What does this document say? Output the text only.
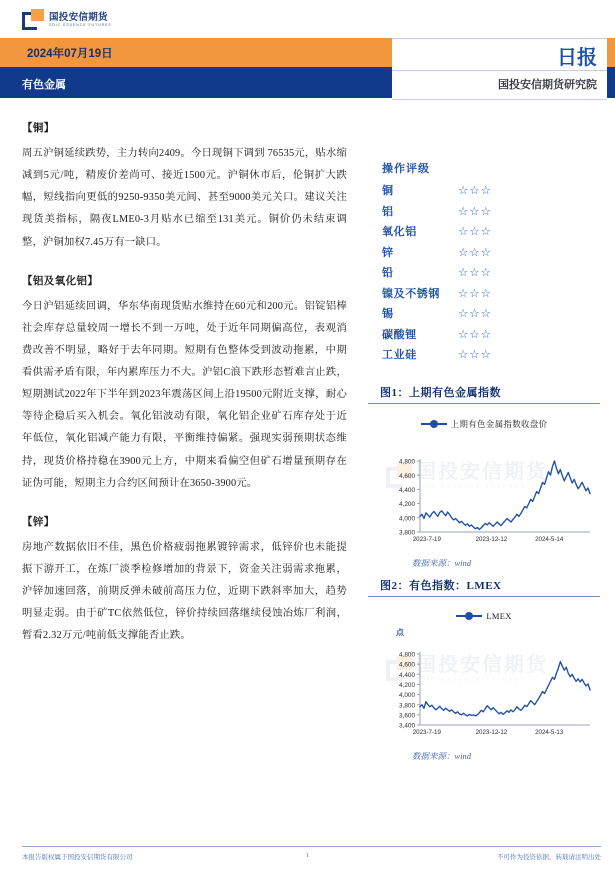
国投安信期货
SDIC ESSENCE FUTURES
2024年07月19日
有色金属
日报
国投安信期货研究院
【铜】
周五沪铜延续跌势，主力转向2409。今日现铜下调到 76535元，贴水缩减到5元/吨，精废价差尚可、接近1500元。沪铜休市后，伦铜扩大跌幅，短线指向更低的9250-9350美元间、甚至9000美元关口。建议关注现货美指标，隔夜LME0-3月贴水已缩至131美元。铜价仍未结束调整，沪铜加权7.45万有一缺口。
【铝及氧化铝】
今日沪铝延续回调，华东华南现货贴水维持在60元和200元。铝锭铝棒社会库存总量较周一增长不到一万吨，处于近年同期偏高位，表观消费改善不明显，略好于去年同期。短期有色整体受到波动拖累，中期看供需矛盾有限，年内累库压力不大。沪铝C浪下跌形态暂难言止跌，短期测试2022年下半年到2023年震荡区间上沿19500元附近支撑，耐心等待企稳后买入机会。氧化铝波动有限，氧化铝企业矿石库存处于近年低位，氧化铝减产能力有限，平衡维持偏紧。强现实弱预期状态维持，现货价格持稳在3900元上方，中期来看偏空但矿石增量预期存在证伪可能，短期主力合约区间预计在3650-3900元。
【锌】
房地产数据依旧不佳，黑色价格疲弱拖累镀锌需求，低锌价也未能提振下游开工，在炼厂淡季检修增加的背景下，资金关注弱需求拖累，沪锌加速回落，前期反弹未破前高压力位，近期下跌斜率加大，趋势明显走弱。由于矿TC依然低位，锌价持续回落继续侵蚀冶炼厂利润，暂看2.32万元/吨前低支撑能否止跌。
操作评级
铜	☆☆☆
铝	☆☆☆
氧化铝	☆☆☆
锌	☆☆☆
铅	☆☆☆
镍及不锈钢	☆☆☆
锡	☆☆☆
碳酸锂	☆☆☆
工业硅	☆☆☆
图1：上期有色金属指数
国投安信期货
SDIC ESSENCE FUTURES
上期有色金属指数收盘价
3,800
4,000
4,200
4,400
4,600
4,800
2023-7-19	2023-12-12	2024-5-14
数据来源：wind
图2：有色指数：LMEX
国投安信期货
SDIC ESSENCE FUTURES
LMEX
点
3,400
3,600
3,800
4,000
4,200
4,400
4,600
4,800
2023-7-19	2023-12-12	2024-5-13
数据来源：wind
本报告版权属于国投安信期货有限公司	1	不可作为投资依据，转载请注明出处
